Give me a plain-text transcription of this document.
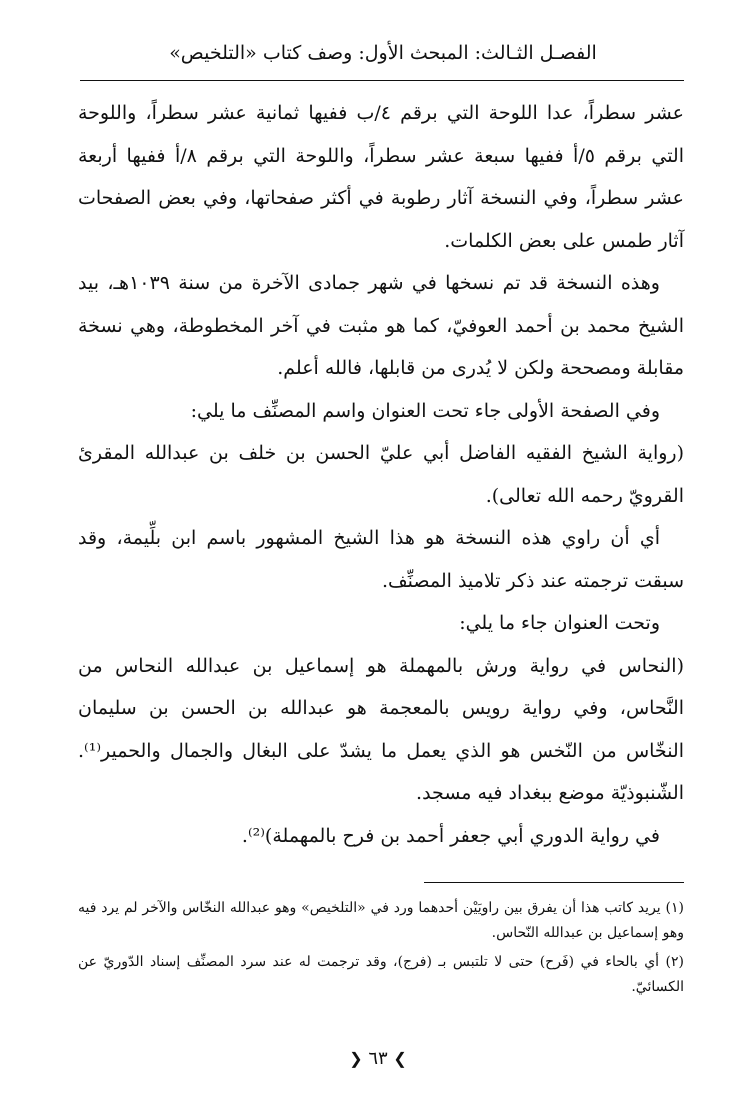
الفصـل الثـالث: المبحث الأول: وصف كتاب «التلخيص»

عشر سطراً، عدا اللوحة التي برقم ٤/ب ففيها ثمانية عشر سطراً، واللوحة التي برقم ٥/أ ففيها سبعة عشر سطراً، واللوحة التي برقم ٨/أ ففيها أربعة عشر سطراً، وفي النسخة آثار رطوبة في أكثر صفحاتها، وفي بعض الصفحات آثار طمس على بعض الكلمات.

وهذه النسخة قد تم نسخها في شهر جمادى الآخرة من سنة ١٠٣٩هـ، بيد الشيخ محمد بن أحمد العوفيّ، كما هو مثبت في آخر المخطوطة، وهي نسخة مقابلة ومصححة ولكن لا يُدرى من قابلها، فالله أعلم.

وفي الصفحة الأولى جاء تحت العنوان واسم المصنِّف ما يلي:

(رواية الشيخ الفقيه الفاضل أبي عليّ الحسن بن خلف بن عبدالله المقرئ القرويّ رحمه الله تعالى).

أي أن راوي هذه النسخة هو هذا الشيخ المشهور باسم ابن بلِّيمة، وقد سبقت ترجمته عند ذكر تلاميذ المصنِّف.

وتحت العنوان جاء ما يلي:

(النحاس في رواية ورش بالمهملة هو إسماعيل بن عبدالله النحاس من النَّحاس، وفي رواية رويس بالمعجمة هو عبدالله بن الحسن بن سليمان النخّاس من النّخس هو الذي يعمل ما يشدّ على البغال والجمال والحمير⁽¹⁾. الشّنبوذيّة موضع ببغداد فيه مسجد.

في رواية الدوري أبي جعفر أحمد بن فرح بالمهملة)⁽²⁾.

(١) يريد كاتب هذا أن يفرق بين راويَيْن أحدهما ورد في «التلخيص» وهو عبدالله النخّاس والآخر لم يرد فيه وهو إسماعيل بن عبدالله النّحاس.

(٢) أي بالحاء في (فَرح) حتى لا تلتبس بـ (فرج)، وقد ترجمت له عند سرد المصنِّف إسناد الدّوريّ عن الكسائيّ.

❯ ٦٣ ❮
